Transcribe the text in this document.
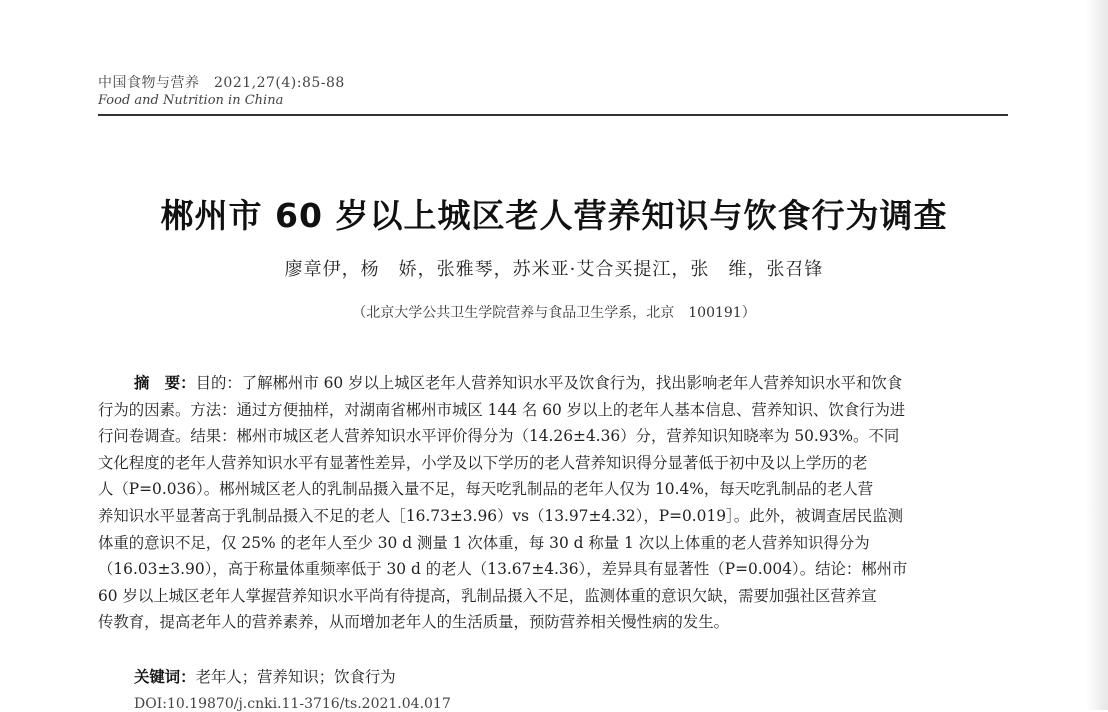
中国食物与营养　2021,27(4):85-88
Food and Nutrition in China
郴州市 60 岁以上城区老人营养知识与饮食行为调查
廖章伊，杨　娇，张雅琴，苏米亚·艾合买提江，张　维，张召锋
（北京大学公共卫生学院营养与食品卫生学系，北京　100191）
摘　要：目的：了解郴州市 60 岁以上城区老年人营养知识水平及饮食行为，找出影响老年人营养知识水平和饮食
行为的因素。方法：通过方便抽样，对湖南省郴州市城区 144 名 60 岁以上的老年人基本信息、营养知识、饮食行为进
行问卷调查。结果：郴州市城区老人营养知识水平评价得分为（14.26±4.36）分，营养知识知晓率为 50.93%。不同
文化程度的老年人营养知识水平有显著性差异，小学及以下学历的老人营养知识得分显著低于初中及以上学历的老
人（P=0.036）。郴州城区老人的乳制品摄入量不足，每天吃乳制品的老年人仅为 10.4%，每天吃乳制品的老人营
养知识水平显著高于乳制品摄入不足的老人［16.73±3.96）vs（13.97±4.32），P=0.019］。此外，被调查居民监测
体重的意识不足，仅 25% 的老年人至少 30 d 测量 1 次体重，每 30 d 称量 1 次以上体重的老人营养知识得分为
（16.03±3.90），高于称量体重频率低于 30 d 的老人（13.67±4.36），差异具有显著性（P=0.004）。结论：郴州市
60 岁以上城区老年人掌握营养知识水平尚有待提高，乳制品摄入不足，监测体重的意识欠缺，需要加强社区营养宣
传教育，提高老年人的营养素养，从而增加老年人的生活质量，预防营养相关慢性病的发生。
关键词：老年人；营养知识；饮食行为
DOI:10.19870/j.cnki.11-3716/ts.2021.04.017
